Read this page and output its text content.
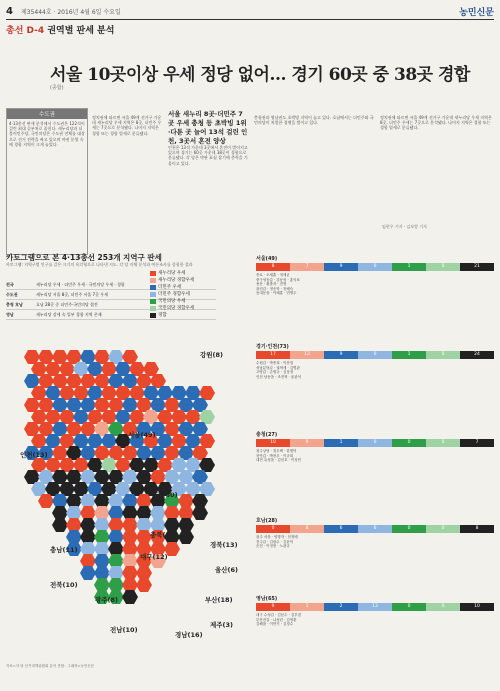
4 제35444호 · 2016년 4월 6일 수요일	농민신문
총선 D-4 권역별 판세 분석
서울 10곳이상 우세 정당 없어… 경기 60곳 중 38곳 경합
(종합)
수도권
4·13총선 판세 분석에서 수도권은 122석이 걸린 최대 승부처로 꼽힌다. 새누리당과 더불어민주당, 국민의당은 수도권 전체를 대상으로 선거 전략을 짜고 있으며 야권 분열 속에 경합 지역이 크게 늘었다.

정치권에 따르면 서울 49개 선거구 가운데 새누리당 우세 지역은 8곳, 더민주 우세는 7곳으로 분석됐다. 나머지 지역은 경합 또는 경합 열세로 분류됐다.

서울 새누리 8곳·더민주 7곳 우세 충청 등 초박빙 1위·다툰 곳 늘어 13석 걸린 인천, 3곳서 혼전 양상

인천은 13석 가운데 3곳에서 혼전이 벌어지고 있으며 경기는 60곳 가운데 38곳이 경합으로 분류됐다. 각 당은 막판 표심 잡기에 총력을 기울이고 있다.

충청권과 영남권도 초박빙 지역이 늘고 있다. 호남에서는 더민주와 국민의당이 치열한 경쟁을 벌이고 있다.

정치권에 따르면 서울 49개 선거구 가운데 새누리당 우세 지역은 8곳, 더민주 우세는 7곳으로 분석됐다. 나머지 지역은 경합 또는 경합 열세로 분류됐다.

임현우 기자 · 김보람 기자
카토그램으로 본 4·13총선 253개 지역구 판세
카토그램: 지역구별 인구를 같은 크기의 육각형으로 나타낸 지도. 각 당 자체 분석과 여론조사를 종합한 결과
전국	새누리당 우세 · 더민주 우세 · 국민의당 우세 · 경합
수도권	새누리당 서울 8곳, 더민주 서울 7곳 우세
충청 호남	호남 28곳 중 더민주·국민의당 접전
영남	새누리당 강세 속 일부 경합 지역 존재
새누리당 우세
새누리당 경합우세
더민주 우세
더민주 경합우세
국민의당 우세
국민의당 경합우세
경합
강원(8)
서울(49)
인천(13)
경기(60)
충북(8)
충남(11)
대구(12)
경북(13)
전북(10)
울산(6)
부산(18)
광주(8)
제주(3)
전남(10)
경남(16)
자료=각 당 선거대책위원회 분석 종합 · 그래픽=농민신문
서울(49)
8	7	9	0	1	0	21
종로 · 오세훈 · 정세균
중구성동갑 · 김동성 · 홍익표
용산 · 황춘자 · 진영
광진갑 · 정송학 · 전혜숙
동대문을 · 이혜훈 · 민병두
경기·인천(73)
17	13	9	0	1	0	24
수원갑 · 박종희 · 이찬열
성남분당갑 · 권혁세 · 김병관
고양갑 · 손범규 · 심상정
인천 남동을 · 조전혁 · 윤관석
충청(27)
10	9	1	0	0	0	7
청주상당 · 정우택 · 한범덕
천안갑 · 박찬우 · 이규희
대전 유성을 · 김신호 · 이상민
호남(28)
0	8	6	6	0	0	8
광주 서을 · 양향자 · 천정배
전주갑 · 김광수 · 김윤덕
순천 · 이정현 · 노관규
영남(65)
9	1	2	13	0	0	10
대구 수성갑 · 김문수 · 김부겸
부산진갑 · 나성린 · 김영춘
김해을 · 이만기 · 김경수
